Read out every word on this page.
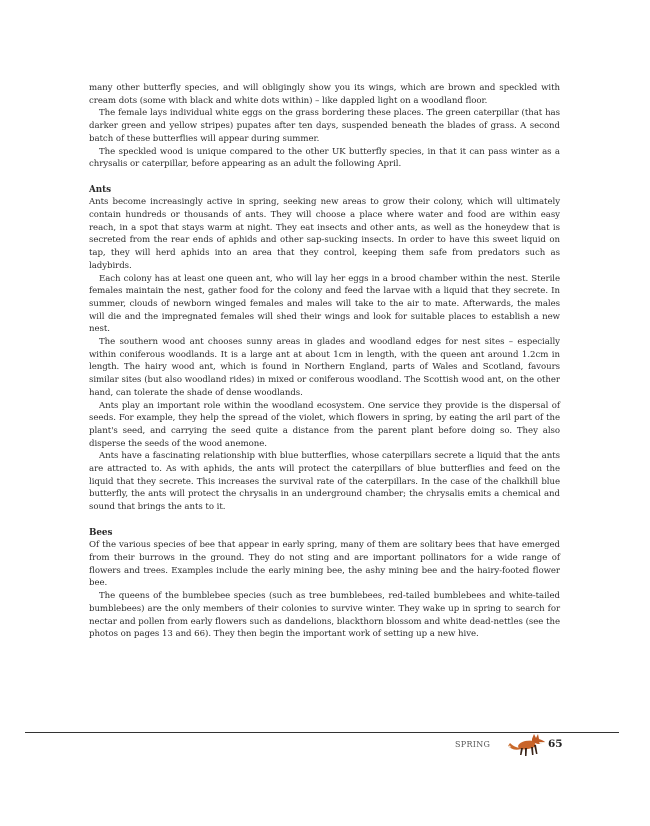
many other butterfly species, and will obligingly show you its wings, which are brown and speckled with cream dots (some with black and white dots within) – like dappled light on a woodland floor.

The female lays individual white eggs on the grass bordering these places. The green caterpillar (that has darker green and yellow stripes) pupates after ten days, suspended beneath the blades of grass. A second batch of these butterflies will appear during summer.

The speckled wood is unique compared to the other UK butterfly species, in that it can pass winter as a chrysalis or caterpillar, before appearing as an adult the following April.

Ants

Ants become increasingly active in spring, seeking new areas to grow their colony, which will ultimately contain hundreds or thousands of ants. They will choose a place where water and food are within easy reach, in a spot that stays warm at night. They eat insects and other ants, as well as the honeydew that is secreted from the rear ends of aphids and other sap-sucking insects. In order to have this sweet liquid on tap, they will herd aphids into an area that they control, keeping them safe from predators such as ladybirds.

Each colony has at least one queen ant, who will lay her eggs in a brood chamber within the nest. Sterile females maintain the nest, gather food for the colony and feed the larvae with a liquid that they secrete. In summer, clouds of newborn winged females and males will take to the air to mate. Afterwards, the males will die and the impregnated females will shed their wings and look for suitable places to establish a new nest.

The southern wood ant chooses sunny areas in glades and woodland edges for nest sites – especially within coniferous woodlands. It is a large ant at about 1cm in length, with the queen ant around 1.2cm in length. The hairy wood ant, which is found in Northern England, parts of Wales and Scotland, favours similar sites (but also woodland rides) in mixed or coniferous woodland. The Scottish wood ant, on the other hand, can tolerate the shade of dense woodlands.

Ants play an important role within the woodland ecosystem. One service they provide is the dispersal of seeds. For example, they help the spread of the violet, which flowers in spring, by eating the aril part of the plant's seed, and carrying the seed quite a distance from the parent plant before doing so. They also disperse the seeds of the wood anemone.

Ants have a fascinating relationship with blue butterflies, whose caterpillars secrete a liquid that the ants are attracted to. As with aphids, the ants will protect the caterpillars of blue butterflies and feed on the liquid that they secrete. This increases the survival rate of the caterpillars. In the case of the chalkhill blue butterfly, the ants will protect the chrysalis in an underground chamber; the chrysalis emits a chemical and sound that brings the ants to it.

Bees

Of the various species of bee that appear in early spring, many of them are solitary bees that have emerged from their burrows in the ground. They do not sting and are important pollinators for a wide range of flowers and trees. Examples include the early mining bee, the ashy mining bee and the hairy-footed flower bee.

The queens of the bumblebee species (such as tree bumblebees, red-tailed bumblebees and white-tailed bumblebees) are the only members of their colonies to survive winter. They wake up in spring to search for nectar and pollen from early flowers such as dandelions, blackthorn blossom and white dead-nettles (see the photos on pages 13 and 66). They then begin the important work of setting up a new hive.

SPRING	65
